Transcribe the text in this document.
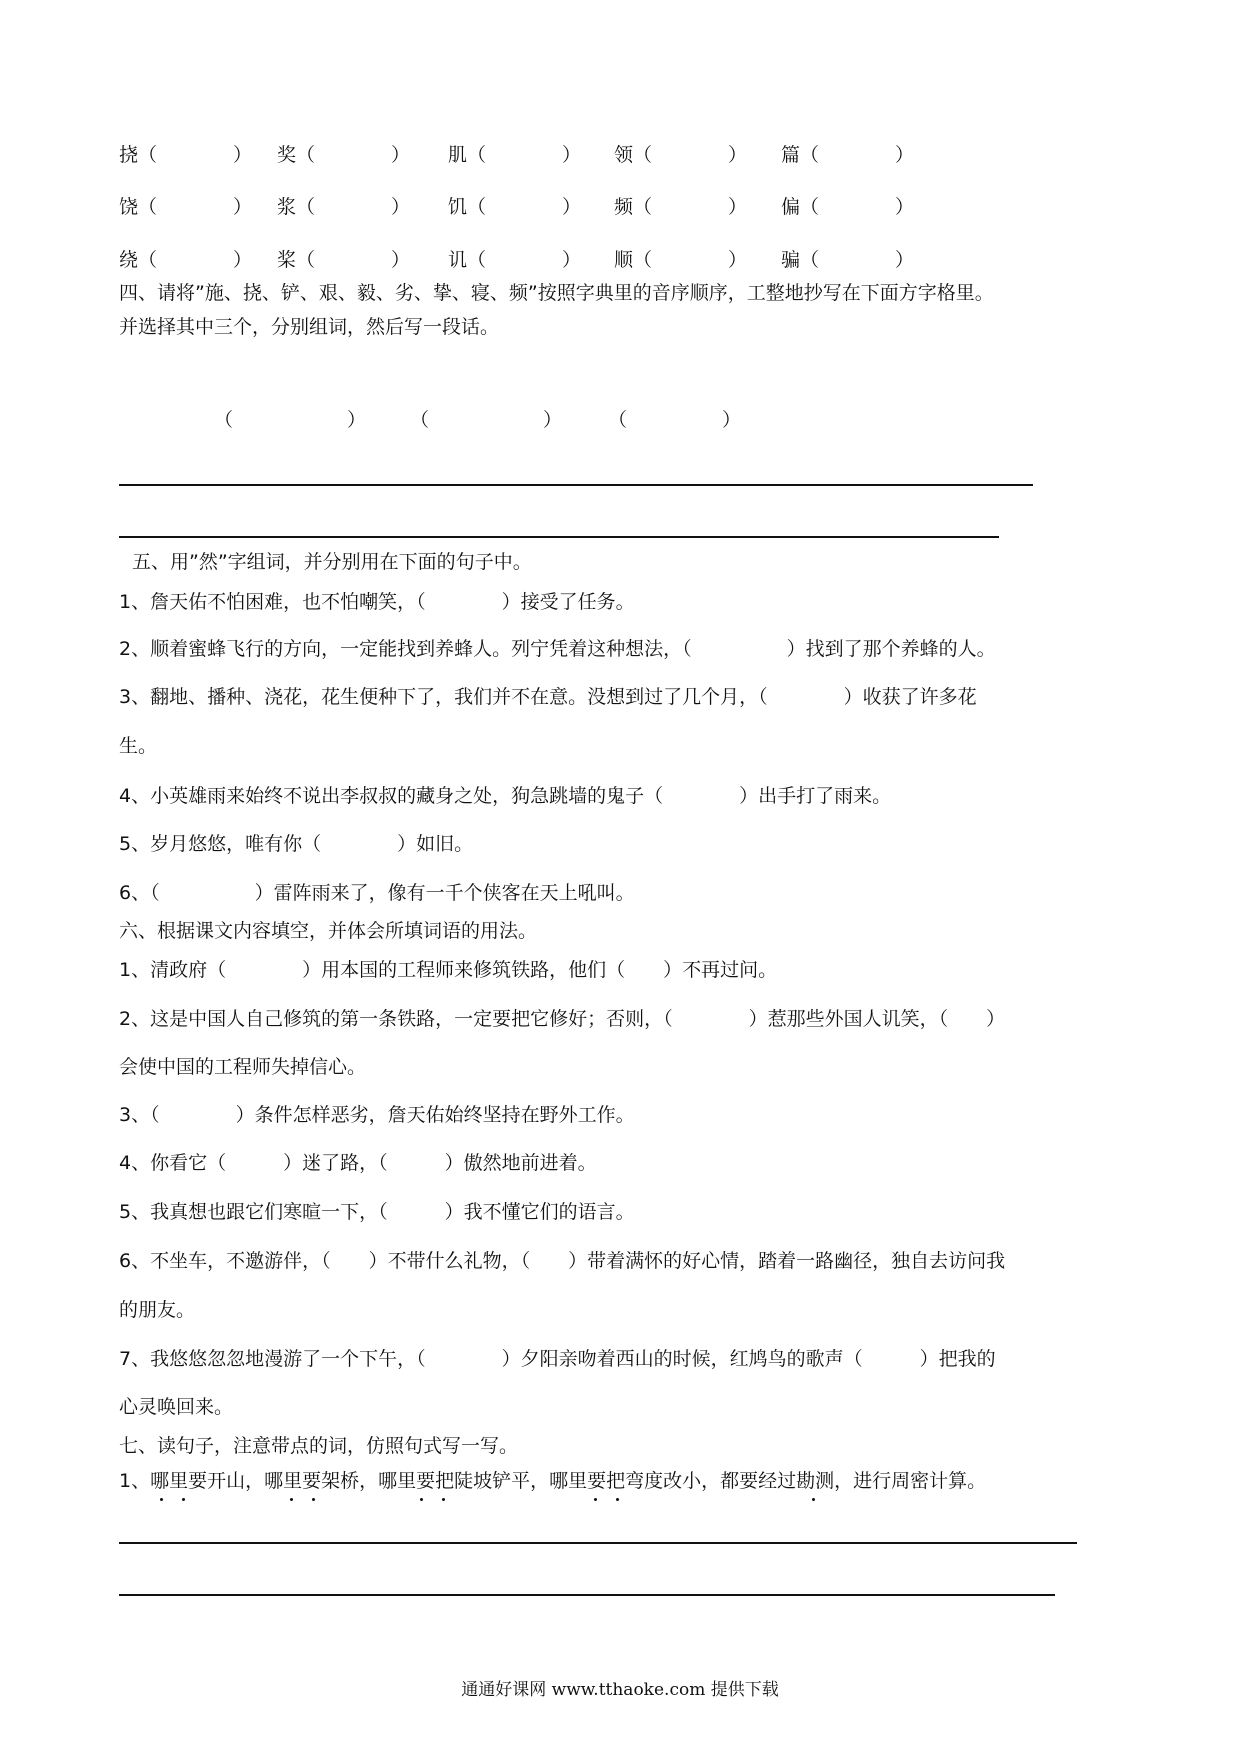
挠（　　　　） 奖（　　　　） 肌（　　　　） 领（　　　　） 篇（　　　　）
饶（　　　　） 浆（　　　　） 饥（　　　　） 频（　　　　） 偏（　　　　）
绕（　　　　） 桨（　　　　） 讥（　　　　） 顺（　　　　） 骗（　　　　）
四、请将”施、挠、铲、艰、毅、劣、挚、寝、频”按照字典里的音序顺序，工整地抄写在下面方字格里。
并选择其中三个，分别组词，然后写一段话。
（　　　　　　） （　　　　　　） （　　　　　）
五、用”然”字组词，并分别用在下面的句子中。
1、詹天佑不怕困难，也不怕嘲笑，（　　　　）接受了任务。
2、顺着蜜蜂飞行的方向，一定能找到养蜂人。列宁凭着这种想法，（　　　　　）找到了那个养蜂的人。
3、翻地、播种、浇花，花生便种下了，我们并不在意。没想到过了几个月，（　　　　）收获了许多花
生。
4、小英雄雨来始终不说出李叔叔的藏身之处，狗急跳墙的鬼子（　　　　）出手打了雨来。
5、岁月悠悠，唯有你（　　　　）如旧。
6、（　　　　　）雷阵雨来了，像有一千个侠客在天上吼叫。
六、根据课文内容填空，并体会所填词语的用法。
1、清政府（　　　　）用本国的工程师来修筑铁路，他们（　　）不再过问。
2、这是中国人自己修筑的第一条铁路，一定要把它修好；否则，（　　　　）惹那些外国人讥笑，（　　）
会使中国的工程师失掉信心。
3、（　　　　）条件怎样恶劣，詹天佑始终坚持在野外工作。
4、你看它（　　　）迷了路，（　　　）傲然地前进着。
5、我真想也跟它们寒暄一下，（　　　）我不懂它们的语言。
6、不坐车，不邀游伴，（　　）不带什么礼物，（　　）带着满怀的好心情，踏着一路幽径，独自去访问我
的朋友。
7、我悠悠忽忽地漫游了一个下午，（　　　　）夕阳亲吻着西山的时候，红鸠鸟的歌声（　　　）把我的
心灵唤回来。
七、读句子，注意带点的词，仿照句式写一写。
1、哪里要开山，哪里要架桥，哪里要把陡坡铲平，哪里要把弯度改小，都要经过勘测，进行周密计算。
通通好课网 www.tthaoke.com 提供下载
